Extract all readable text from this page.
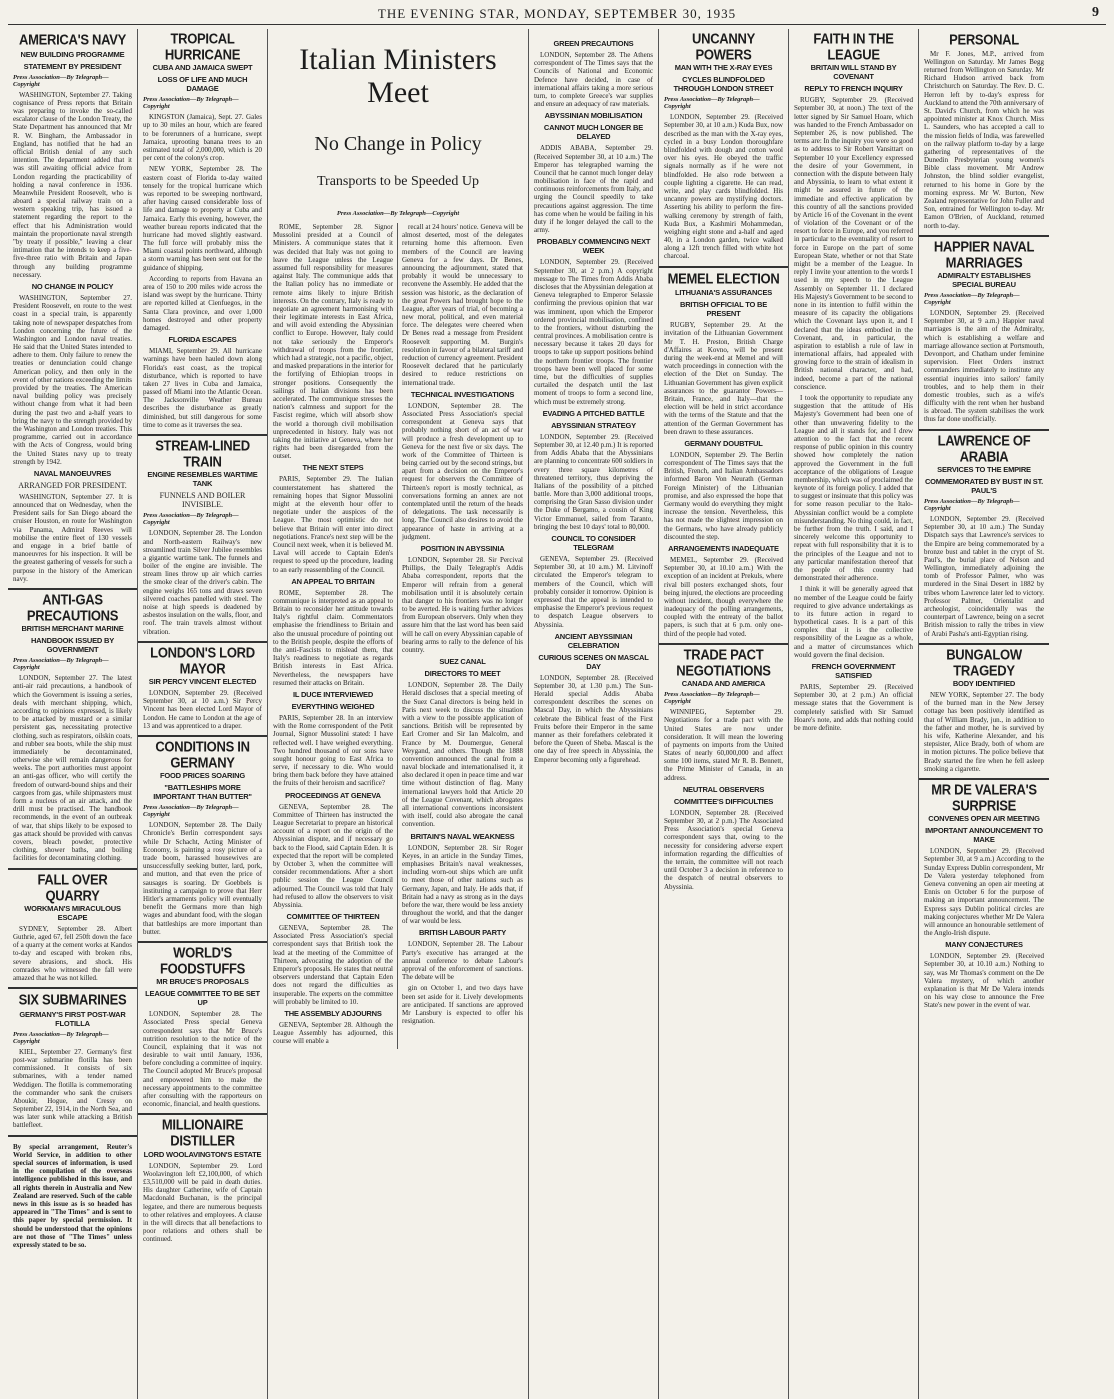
THE EVENING STAR, MONDAY, SEPTEMBER 30, 1935	9
AMERICA'S NAVY
NEW BUILDING PROGRAMME
STATEMENT BY PRESIDENT
Press Association—By Telegraph—Copyright

WASHINGTON, September 27. Taking cognisance of Press reports that Britain was preparing to invoke the so-called escalator clause of the London Treaty, the State Department has announced that Mr R. W. Bingham, the Ambassador in England, has notified that he had an official British denial of any such intention. The department added that it was still awaiting official advice from London regarding the practicability of holding a naval conference in 1936. Meanwhile President Roosevelt, who is aboard a special railway train on a western speaking trip, has issued a statement regarding the report to the effect that his Administration would maintain the proportionate naval strength "by treaty if possible," leaving a clear intimation that he intends to keep a five-five-three ratio with Britain and Japan through any building programme necessary.

NO CHANGE IN POLICY

WASHINGTON, September 27. President Roosevelt, en route to the west coast in a special train, is apparently taking note of newspaper despatches from London concerning the future of the Washington and London naval treaties. He said that the United States intended to adhere to them. Only failure to renew the treaties or denunciation could change American policy, and then only in the event of other nations exceeding the limits provided by the treaties. The American naval building policy was precisely without change from what it had been during the past two and a-half years to bring the navy to the strength provided by the Washington and London treaties. This programme, carried out in accordance with the Acts of Congress, would bring the United States navy up to treaty strength by 1942.

NAVAL MANOEUVRES
ARRANGED FOR PRESIDENT.

WASHINGTON, September 27. It is announced that on Wednesday, when the President sails for San Diego aboard the cruiser Houston, en route for Washington via Panama, Admiral Reeves will mobilise the entire fleet of 130 vessels and engage in a brief battle of manoeuvres for his inspection. It will be the greatest gathering of vessels for such a purpose in the history of the American navy.

ANTI-GAS PRECAUTIONS
BRITISH MERCHANT MARINE
HANDBOOK ISSUED BY GOVERNMENT
Press Association—By Telegraph—Copyright

LONDON, September 27. The latest anti-air raid precautions, a handbook of which the Government is issuing a series, deals with merchant shipping, which, according to opinions expressed, is likely to be attacked by mustard or a similar persistent gas, necessitating protective clothing, such as respirators, oilskin coats, and rubber sea boots, while the ship must immediately be decontaminated, otherwise she will remain dangerous for weeks. The port authorities must appoint an anti-gas officer, who will certify the freedom of outward-bound ships and their cargoes from gas, while shipmasters must form a nucleus of an air attack, and the drill must be practised. The handbook recommends, in the event of an outbreak of war, that ships likely to be exposed to gas attack should be provided with canvas covers, bleach powder, protective clothing, shower baths, and boiling facilities for decontaminating clothing.

FALL OVER QUARRY
WORKMAN'S MIRACULOUS ESCAPE

SYDNEY, September 28. Albert Guthrie, aged 67, fell 250ft down the face of a quarry at the cement works at Kandos to-day and escaped with broken ribs, severe abrasions, and shock. His comrades who witnessed the fall were amazed that he was not killed.

SIX SUBMARINES
GERMANY'S FIRST POST-WAR FLOTILLA
Press Association—By Telegraph—Copyright

KIEL, September 27. Germany's first post-war submarine flotilla has been commissioned. It consists of six submarines, with a tender named Weddigen. The flotilla is commemorating the commander who sank the cruisers Aboukir, Hogue, and Cressy on September 22, 1914, in the North Sea, and was later sunk while attacking a British battlefleet.

By special arrangement, Reuter's World Service, in addition to other special sources of information, is used in the compilation of the overseas intelligence published in this issue, and all rights therein in Australia and New Zealand are reserved. Such of the cable news in this issue as is so headed has appeared in "The Times" and is sent to this paper by special permission. It should be understood that the opinions are not those of "The Times" unless expressly stated to be so.

TROPICAL HURRICANE
CUBA AND JAMAICA SWEPT
LOSS OF LIFE AND MUCH DAMAGE
Press Association—By Telegraph—Copyright

KINGSTON (Jamaica), Sept. 27. Gales up to 30 miles an hour, which are feared to be forerunners of a hurricane, swept Jamaica, uprooting banana trees to an estimated total of 2,000,000, which is 20 per cent of the colony's crop.

NEW YORK, September 28. The eastern coast of Florida to-day waited tensely for the tropical hurricane which was reported to be sweeping northward, after having caused considerable loss of life and damage to property at Cuba and Jamaica. Early this evening, however, the weather bureau reports indicated that the hurricane had moved slightly eastward. The full force will probably miss the Miami coastal points northward, although a storm warning has been sent out for the guidance of shipping.

According to reports from Havana an area of 150 to 200 miles wide across the island was swept by the hurricane. Thirty are reported killed at Cienfuegos, in the Santa Clara province, and over 1,000 homes destroyed and other property damaged.

FLORIDA ESCAPES

MIAMI, September 29. All hurricane warnings have been hauled down along Florida's east coast, as the tropical disturbance, which is reported to have taken 27 lives in Cuba and Jamaica, passed off Miami into the Atlantic Ocean. The Jacksonville Weather Bureau describes the disturbance as greatly diminished, but still dangerous for some time to come as it traverses the sea.

STREAM-LINED TRAIN
ENGINE RESEMBLES WARTIME TANK
FUNNELS AND BOILER INVISIBLE.
Press Association—By Telegraph—Copyright

LONDON, September 28. The London and North-eastern Railway's new streamlined train Silver Jubilee resembles a gigantic wartime tank. The funnels and boiler of the engine are invisible. The stream lines throw up air which carries the smoke clear of the driver's cabin. The engine weighs 165 tons and draws seven silvered coaches panelled with steel. The noise at high speeds is deadened by asbestos insulation on the walls, floor, and roof. The train travels almost without vibration.

LONDON'S LORD MAYOR
SIR PERCY VINCENT ELECTED

LONDON, September 29. (Received September 30, at 10 a.m.) Sir Percy Vincent has been elected Lord Mayor of London. He came to London at the age of 13 and was apprenticed to a draper.

CONDITIONS IN GERMANY
FOOD PRICES SOARING
"BATTLESHIPS MORE IMPORTANT THAN BUTTER"
Press Association—By Telegraph—Copyright

LONDON, September 28. The Daily Chronicle's Berlin correspondent says while Dr Schacht, Acting Minister of Economy, is painting a rosy picture of a trade boom, harassed housewives are unsuccessfully seeking butter, lard, pork, and mutton, and that even the price of sausages is soaring. Dr Goebbels is instituting a campaign to prove that Herr Hitler's armaments policy will eventually benefit the Germans more than high wages and abundant food, with the slogan that battleships are more important than butter.

WORLD'S FOODSTUFFS
MR BRUCE'S PROPOSALS
LEAGUE COMMITTEE TO BE SET UP

LONDON, September 28. The Associated Press special Geneva correspondent says that Mr Bruce's nutrition resolution to the notice of the Council, explaining that it was not desirable to wait until January, 1936, before concluding a committee of inquiry. The Council adopted Mr Bruce's proposal and empowered him to make the necessary appointments to the committee after consulting with the rapporteurs on economic, financial, and health questions.

MILLIONAIRE DISTILLER
LORD WOOLAVINGTON'S ESTATE

LONDON, September 29. Lord Woolavington left £2,100,000, of which £3,510,000 will be paid in death duties. His daughter Catherine, wife of Captain Macdonald Buchanan, is the principal legatee, and there are numerous bequests to other relatives and employees. A clause in the will directs that all benefactions to poor relations and others shall be continued.

Italian Ministers Meet
No Change in Policy
Transports to be Speeded Up
Press Association—By Telegraph—Copyright

ROME, September 28. Signor Mussolini presided at a Council of Ministers. A communique states that it was decided that Italy was not going to leave the League unless the League assumed full responsibility for measures against Italy. The communique adds that the Italian policy has no immediate or remote aims likely to injure British interests. On the contrary, Italy is ready to negotiate an agreement harmonising with their legitimate interests in East Africa, and will avoid extending the Abyssinian conflict to Europe. However, Italy could not take seriously the Emperor's withdrawal of troops from the frontier, which had a strategic, not a pacific, object, and masked preparations in the interior for the fortifying of Ethiopian troops in stronger positions. Consequently the sailings of Italian divisions has been accelerated. The communique stresses the nation's calmness and support for the Fascist regime, which will absorb show the world a thorough civil mobilisation unprecedented in history. Italy was not taking the initiative at Geneva, where her rights had been disregarded from the outset.

THE NEXT STEPS

PARIS, September 29. The Italian counterstatement has shattered the remaining hopes that Signor Mussolini might at the eleventh hour offer to negotiate under the auspices of the League. The most optimistic do not believe that Britain will enter into direct negotiations. France's next step will be the Council next week, when it is believed M. Laval will accede to Captain Eden's request to speed up the procedure, leading to an early reassembling of the Council.

AN APPEAL TO BRITAIN

ROME, September 28. The communique is interpreted as an appeal to Britain to reconsider her attitude towards Italy's rightful claim. Commentators emphasise the friendliness to Britain and also the unusual procedure of pointing out to the British people, despite the efforts of the anti-Fascists to mislead them, that Italy's readiness to negotiate as regards British interests in East Africa. Nevertheless, the newspapers have resumed their attacks on Britain.

IL DUCE INTERVIEWED
EVERYTHING WEIGHED

PARIS, September 28. In an interview with the Rome correspondent of the Petit Journal, Signor Mussolini stated: I have reflected well. I have weighed everything. Two hundred thousand of our sons have sought honour going to East Africa to serve, if necessary to die. Who would bring them back before they have attained the fruits of their heroism and sacrifice?

PROCEEDINGS AT GENEVA

GENEVA, September 28. The Committee of Thirteen has instructed the League Secretariat to prepare an historical account of a report on the origin of the Abyssinian dispute, and if necessary go back to the Flood, said Captain Eden. It is expected that the report will be completed by October 3, when the committee will consider recommendations. After a short public session the League Council adjourned. The Council was told that Italy had refused to allow the observers to visit Abyssinia.

COMMITTEE OF THIRTEEN

GENEVA, September 28. The Associated Press Association's special correspondent says that British took the lead at the meeting of the Committee of Thirteen, advocating the adoption of the Emperor's proposals. He states that neutral observers understand that Captain Eden does not regard the difficulties as insuperable. The experts on the committee will probably be limited to 10.

THE ASSEMBLY ADJOURNS

GENEVA, September 28. Although the League Assembly has adjourned, this course will enable a

recall at 24 hours' notice. Geneva will be almost deserted, most of the delegates returning home this afternoon. Even members of the Council are leaving Geneva for a few days. Dr Benes, announcing the adjournment, stated that probably it would be unnecessary to reconvene the Assembly. He added that the session was historic, as the declaration of the great Powers had brought hope to the League, after years of trial, of becoming a new moral, political, and even material force. The delegates were cheered when Dr Benes read a message from President Roosevelt supporting M. Burgin's resolution in favour of a bilateral tariff and reduction of currency agreement. President Roosevelt declared that he particularly desired to reduce restrictions on international trade.

TECHNICAL INVESTIGATIONS

LONDON, September 28. The Associated Press Association's special correspondent at Geneva says that probably nothing short of an act of war will produce a fresh development up to Geneva for the next five or six days. The work of the Committee of Thirteen is being carried out by the second strings, but apart from a decision on the Emperor's request for observers the Committee of Thirteen's report is mostly technical, as conversations forming an annex are not contemplated until the return of the heads of delegations. The task necessarily is long. The Council also desires to avoid the appearance of haste in arriving at a judgment.

POSITION IN ABYSSINIA

LONDON, September 28. Sir Percival Phillips, the Daily Telegraph's Addis Ababa correspondent, reports that the Emperor will refrain from a general mobilisation until it is absolutely certain that danger to his frontiers was no longer to be averted. He is waiting further advices from European observers. Only when they assure him that the last word has been said will he call on every Abyssinian capable of bearing arms to rally to the defence of his country.

SUEZ CANAL
DIRECTORS TO MEET

LONDON, September 28. The Daily Herald discloses that a special meeting of the Suez Canal directors is being held in Paris next week to discuss the situation with a view to the possible application of sanctions. British will be represented by Earl Cromer and Sir Ian Malcolm, and France by M. Doumergue, General Weygand, and others. Though the 1888 convention announced the canal from a naval blockade and internationalised it, it also declared it open in peace time and war time without distinction of flag. Many international lawyers hold that Article 20 of the League Covenant, which abrogates all international conventions inconsistent with itself, could also abrogate the canal convention.

BRITAIN'S NAVAL WEAKNESS

LONDON, September 28. Sir Roger Keyes, in an article in the Sunday Times, emphasises Britain's naval weaknesses, including worn-out ships which are unfit to meet those of other nations such as Germany, Japan, and Italy. He adds that, if Britain had a navy as strong as in the days before the war, there would be less anxiety throughout the world, and that the danger of war would be less.

BRITISH LABOUR PARTY

LONDON, September 28. The Labour Party's executive has arranged at the annual conference to debate Labour's approval of the enforcement of sanctions. The debate will be

gin on October 1, and two days have been set aside for it. Lively developments are anticipated. If sanctions are approved Mr Lansbury is expected to offer his resignation.

GREEN PRECAUTIONS

LONDON, September 28. The Athens correspondent of The Times says that the Councils of National and Economic Defence have decided, in case of international affairs taking a more serious turn, to complete Greece's war supplies and ensure an adequacy of raw materials.

ABYSSINIAN MOBILISATION
CANNOT MUCH LONGER BE DELAYED

ADDIS ABABA, September 29. (Received September 30, at 10 a.m.) The Emperor has telegraphed warning the Council that he cannot much longer delay mobilisation in face of the rapid and continuous reinforcements from Italy, and urging the Council speedily to take precautions against aggression. The time has come when he would be failing in his duty if he longer delayed the call to the army.

PROBABLY COMMENCING NEXT WEEK

LONDON, September 29. (Received September 30, at 2 p.m.) A copyright message to The Times from Addis Ababa discloses that the Abyssinian delegation at Geneva telegraphed to Emperor Selassie confirming the previous opinion that war was imminent, upon which the Emperor ordered provincial mobilisation, confined to the frontiers, without disturbing the central provinces. A mobilisation centre is necessary because it takes 20 days for troops to take up support positions behind the northern frontier troops. The frontier troops have been well placed for some time, but the difficulties of supplies curtailed the despatch until the last moment of troops to form a second line, which must be extremely strong.

EVADING A PITCHED BATTLE
ABYSSINIAN STRATEGY

LONDON, September 29. (Received September 30, at 12.40 p.m.) It is reported from Addis Ababa that the Abyssinians are planning to concentrate 600 soldiers in every three square kilometres of threatened territory, thus depriving the Italians of the possibility of a pitched battle. More than 3,000 additional troops, comprising the Gran Sasso division under the Duke of Bergamo, a cousin of King Victor Emmanuel, sailed from Taranto, bringing the best 10 days' total to 80,000.

COUNCIL TO CONSIDER TELEGRAM

GENEVA, September 29. (Received September 30, at 10 a.m.) M. Litvinoff circulated the Emperor's telegram to members of the Council, which will probably consider it tomorrow. Opinion is expressed that the appeal is intended to emphasise the Emperor's previous request to despatch League observers to Abyssinia.

ANCIENT ABYSSINIAN CELEBRATION
CURIOUS SCENES ON MASCAL DAY

LONDON, September 28. (Received September 30, at 1.30 p.m.) The Sun-Herald special Addis Ababa correspondent describes the scenes on Mascal Day, in which the Abyssinians celebrate the Biblical feast of the First Fruits before their Emperor in the same manner as their forefathers celebrated it before the Queen of Sheba. Mascal is the one day of free speech in Abyssinia, the Emperor becoming only a figurehead.

UNCANNY POWERS
MAN WITH THE X-RAY EYES
CYCLES BLINDFOLDED THROUGH LONDON STREET
Press Association—By Telegraph—Copyright

LONDON, September 29. (Received September 30, at 10 a.m.) Kuda Bux, now described as the man with the X-ray eyes, cycled in a busy London thoroughfare blindfolded with dough and cotton wool over his eyes. He obeyed the traffic signals normally as if he were not blindfolded. He also rode between a couple lighting a cigarette. He can read, write, and play cards blindfolded. His uncanny powers are mystifying doctors. Asserting his ability to perform the fire-walking ceremony by strength of faith, Kuda Bux, a Kashmiri Mohammedan, weighing eight stone and a-half and aged 40, in a London garden, twice walked along a 12ft trench filled with white hot charcoal.

MEMEL ELECTION
LITHUANIA'S ASSURANCES
BRITISH OFFICIAL TO BE PRESENT

RUGBY, September 29. At the invitation of the Lithuanian Government Mr T. H. Preston, British Charge d'Affaires at Kovno, will be present during the week-end at Memel and will watch proceedings in connection with the election of the Diet on Sunday. The Lithuanian Government has given explicit assurances to the guarantor Powers—Britain, France, and Italy—that the election will be held in strict accordance with the terms of the Statute and that the attention of the German Government has been drawn to these assurances.

GERMANY DOUBTFUL

LONDON, September 29. The Berlin correspondent of The Times says that the British, French, and Italian Ambassadors informed Baron Von Neurath (German Foreign Minister) of the Lithuanian promise, and also expressed the hope that Germany would do everything they might increase the tension. Nevertheless, this has not made the slightest impression on the Germans, who have already publicly discounted the step.

ARRANGEMENTS INADEQUATE

MEMEL, September 29. (Received September 30, at 10.10 a.m.) With the exception of an incident at Prekuls, where rival bill posters exchanged shots, four being injured, the elections are proceeding without incident, though everywhere the inadequacy of the polling arrangements, coupled with the entreaty of the ballot papers, is such that at 6 p.m. only one-third of the people had voted.

TRADE PACT NEGOTIATIONS
CANADA AND AMERICA
Press Association—By Telegraph—Copyright

WINNIPEG, September 29. Negotiations for a trade pact with the United States are now under consideration. It will mean the lowering of payments on imports from the United States of nearly 60,000,000 and affect some 100 items, stated Mr R. B. Bennett, the Prime Minister of Canada, in an address.

NEUTRAL OBSERVERS
COMMITTEE'S DIFFICULTIES

LONDON, September 28. (Received September 30, at 2 p.m.) The Associated Press Association's special Geneva correspondent says that, owing to the necessity for considering adverse expert information regarding the difficulties of the terrain, the committee will not reach until October 3 a decision in reference to the despatch of neutral observers to Abyssinia.

FAITH IN THE LEAGUE
BRITAIN WILL STAND BY COVENANT
REPLY TO FRENCH INQUIRY

RUGBY, September 29. (Received September 30, at noon.) The text of the letter signed by Sir Samuel Hoare, which was handed to the French Ambassador on September 26, is now published. The terms are: In the inquiry you were so good as to address to Sir Robert Vansittart on September 10 your Excellency expressed the desire of your Government, in connection with the dispute between Italy and Abyssinia, to learn to what extent it might be assured in future of the immediate and effective application by this country of all the sanctions provided by Article 16 of the Covenant in the event of violation of the Covenant or of the resort to force in Europe, and you referred in particular to the eventuality of resort to force in Europe on the part of some European State, whether or not that State might be a member of the League. In reply I invite your attention to the words I used in my speech to the League Assembly on September 11. I declared His Majesty's Government to be second to none in its intention to fulfil within the measure of its capacity the obligations which the Covenant lays upon it, and I declared that the ideas embodied in the Covenant, and, in particular, the aspiration to establish a rule of law in international affairs, had appealed with growing force to the strain of idealism in British national character, and had, indeed, become a part of the national conscience.

I took the opportunity to repudiate any suggestion that the attitude of His Majesty's Government had been one of other than unwavering fidelity to the League and all it stands for, and I drew attention to the fact that the recent response of public opinion in this country showed how completely the nation approved the Government in the full acceptance of the obligations of League membership, which was of proclaimed the keynote of its foreign policy. I added that to suggest or insinuate that this policy was for some reason peculiar to the Italo-Abyssinian conflict would be a complete misunderstanding. No thing could, in fact, be further from the truth. I said, and I sincerely welcome this opportunity to repeat with full responsibility that it is to the principles of the League and not to any particular manifestation thereof that the people of this country had demonstrated their adherence.

I think it will be generally agreed that no member of the League could be fairly required to give advance undertakings as to its future action in regard to hypothetical cases. It is a part of this complex that it is the collective responsibility of the League as a whole, and a matter of circumstances which would govern the final decision.

FRENCH GOVERNMENT SATISFIED

PARIS, September 29. (Received September 30, at 2 p.m.) An official message states that the Government is completely satisfied with Sir Samuel Hoare's note, and adds that nothing could be more definite.

PERSONAL

Mr F. Jones, M.P., arrived from Wellington on Saturday. Mr James Begg returned from Wellington on Saturday. Mr Richard Hudson arrived back from Christchurch on Saturday. The Rev. D. C. Herron left by to-day's express for Auckland to attend the 70th anniversary of St. David's Church, from which he was appointed minister at Knox Church. Miss L. Saunders, who has accepted a call to the mission fields of India, was farewelled on the railway platform to-day by a large gathering of representatives of the Dunedin Presbyterian young women's Bible class movement. Mr Andrew Johnston, the blind soldier evangelist, returned to his home in Gore by the morning express. Mr W. Burton, New Zealand representative for John Fuller and Son, entrained for Wellington to-day. Mr Eamon O'Brien, of Auckland, returned north to-day.

HAPPIER NAVAL MARRIAGES
ADMIRALTY ESTABLISHES SPECIAL BUREAU
Press Association—By Telegraph—Copyright

LONDON, September 29. (Received September 30, at 9 a.m.) Happier naval marriages is the aim of the Admiralty, which is establishing a welfare and marriage allowance section at Portsmouth, Devonport, and Chatham under feminine supervision. Fleet Orders instruct commanders immediately to institute any essential inquiries into sailors' family troubles, and to help them in their domestic troubles, such as a wife's difficulty with the rent when her husband is abroad. The system stabilises the work thus far done unofficially.

LAWRENCE OF ARABIA
SERVICES TO THE EMPIRE
COMMEMORATED BY BUST IN ST. PAUL'S
Press Association—By Telegraph—Copyright

LONDON, September 29. (Received September 30, at 10 a.m.) The Sunday Dispatch says that Lawrence's services to the Empire are being commemorated by a bronze bust and tablet in the crypt of St. Paul's, the burial place of Nelson and Wellington, immediately adjoining the tomb of Professor Palmer, who was murdered in the Sinai Desert in 1882 by tribes whom Lawrence later led to victory. Professor Palmer, Orientalist and archeologist, coincidentally was the counterpart of Lawrence, being on a secret British mission to rally the tribes in view of Arabi Pasha's anti-Egyptian rising.

BUNGALOW TRAGEDY
BODY IDENTIFIED

NEW YORK, September 27. The body of the burned man in the New Jersey cottage has been positively identified as that of William Brady, jun., in addition to the father and mother, he is survived by his wife, Katherine Alexander, and his stepsister, Alice Brady, both of whom are in motion pictures. The police believe that Brady started the fire when he fell asleep smoking a cigarette.

MR DE VALERA'S SURPRISE
CONVENES OPEN AIR MEETING
IMPORTANT ANNOUNCEMENT TO MAKE

LONDON, September 29. (Received September 30, at 9 a.m.) According to the Sunday Express Dublin correspondent, Mr De Valera yesterday telephoned from Geneva convening an open air meeting at Ennis on October 6 for the purpose of making an important announcement. The Express says Dublin political circles are making conjectures whether Mr De Valera will announce an honourable settlement of the Anglo-Irish dispute.

MANY CONJECTURES

LONDON, September 29. (Received September 30, at 10.10 a.m.) Nothing to say, was Mr Thomas's comment on the De Valera mystery, of which another explanation is that Mr De Valera intends on his way close to announce the Free State's new power in the event of war.
